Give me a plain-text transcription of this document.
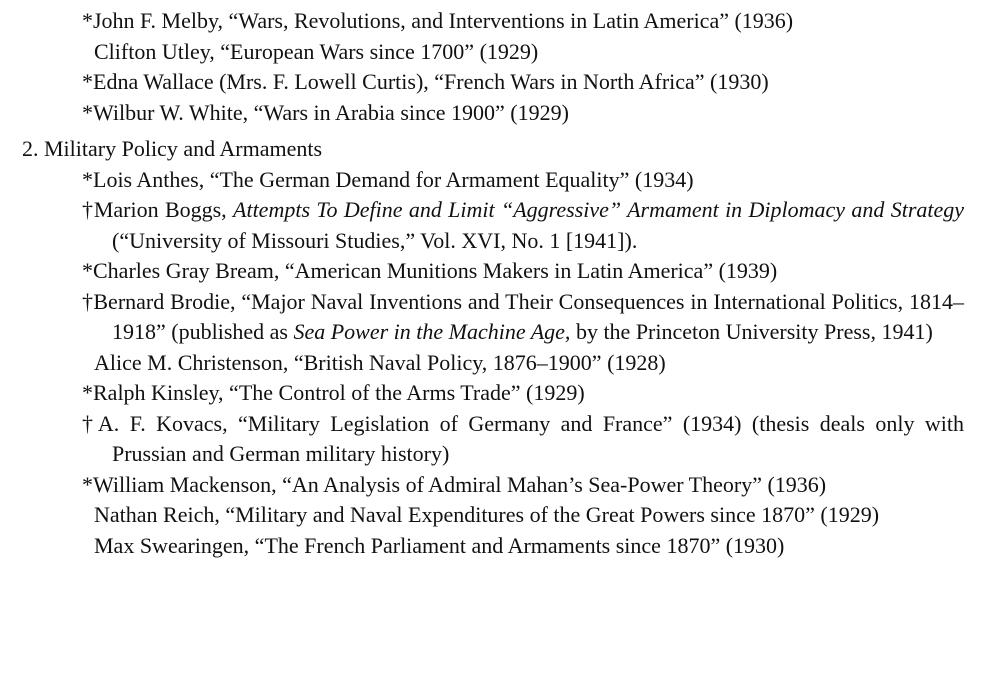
*John F. Melby, “Wars, Revolutions, and Interventions in Latin America” (1936)

Clifton Utley, “European Wars since 1700” (1929)

*Edna Wallace (Mrs. F. Lowell Curtis), “French Wars in North Africa” (1930)

*Wilbur W. White, “Wars in Arabia since 1900” (1929)

2. Military Policy and Armaments

*Lois Anthes, “The German Demand for Armament Equality” (1934)

†Marion Boggs, Attempts To Define and Limit “Aggressive” Armament in Diplomacy and Strategy (“University of Missouri Studies,” Vol. XVI, No. 1 [1941]).

*Charles Gray Bream, “American Munitions Makers in Latin America” (1939)

†Bernard Brodie, “Major Naval Inventions and Their Consequences in International Politics, 1814–1918” (published as Sea Power in the Machine Age, by the Princeton University Press, 1941)

Alice M. Christenson, “British Naval Policy, 1876–1900” (1928)

*Ralph Kinsley, “The Control of the Arms Trade” (1929)

†A. F. Kovacs, “Military Legislation of Germany and France” (1934) (thesis deals only with Prussian and German military history)

*William Mackenson, “An Analysis of Admiral Mahan’s Sea-Power Theory” (1936)

Nathan Reich, “Military and Naval Expenditures of the Great Powers since 1870” (1929)

Max Swearingen, “The French Parliament and Armaments since 1870” (1930)
